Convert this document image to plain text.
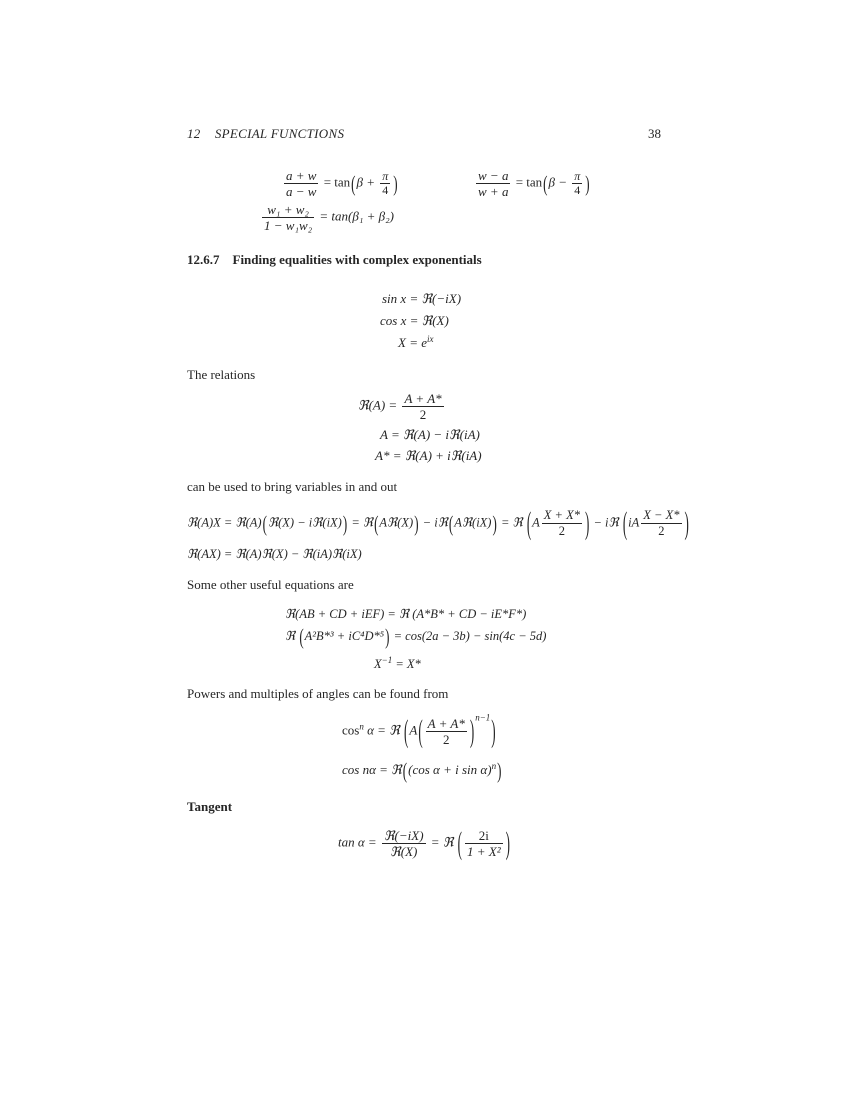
12 SPECIAL FUNCTIONS	38
$\frac{a + w}{a - w} = \tan(\beta + \frac{\pi}{4}$ )	$\frac{w - a}{w + a} = \tan(\beta - \frac{\pi}{4}$ )
$\frac{\text{w₁ + w₂}}{\text{1 − w₁w₂}} = \tan(\beta_1 + \beta_2)$
12.6.7 Finding equalities with complex exponentials
sin x = ℜ(−iX)
cos x = ℜ(X)
$X = e^{ix}$
The relations
ℜ(A) = $\frac{A + A*}{2}$
A = ℜ(A) − iℜ(iA)
A* = ℜ(A) + iℜ(iA)
can be used to bring variables in and out
ℜ(A)X = ℜ(A)(ℜ(X) − iℜ(iX)) = ℜ(Aℜ(X)) − iℜ(Aℜ(iX)) = ℜ ($A \frac{X + X*}{2}$ ) − iℜ ($iA \frac{X - X*}{2}$ )
ℜ(AX) = ℜ(A)ℜ(X) − ℜ(iA)ℜ(iX)
Some other useful equations are
ℜ(AB + CD + iEF) = ℜ (A*B* + CD − iE*F*)
ℜ (A²B*³ + iC⁴D*⁵) = cos(2a − 3b) − sin(4c − 5d)
$X^{-1} = X*$
Powers and multiples of angles can be found from
$\cos^n \alpha$ = ℜ $(A( \frac{A + A*}{2} )^{n-1})$
cos nα = ℜ((cos α + i sin α)$^n$)
Tangent
$\tan \alpha = \frac{\text{ℜ(−iX)}}{\text{ℜ(X)}}$ = ℜ ( $\frac{2i}{\text{1 + X²}}$ )
